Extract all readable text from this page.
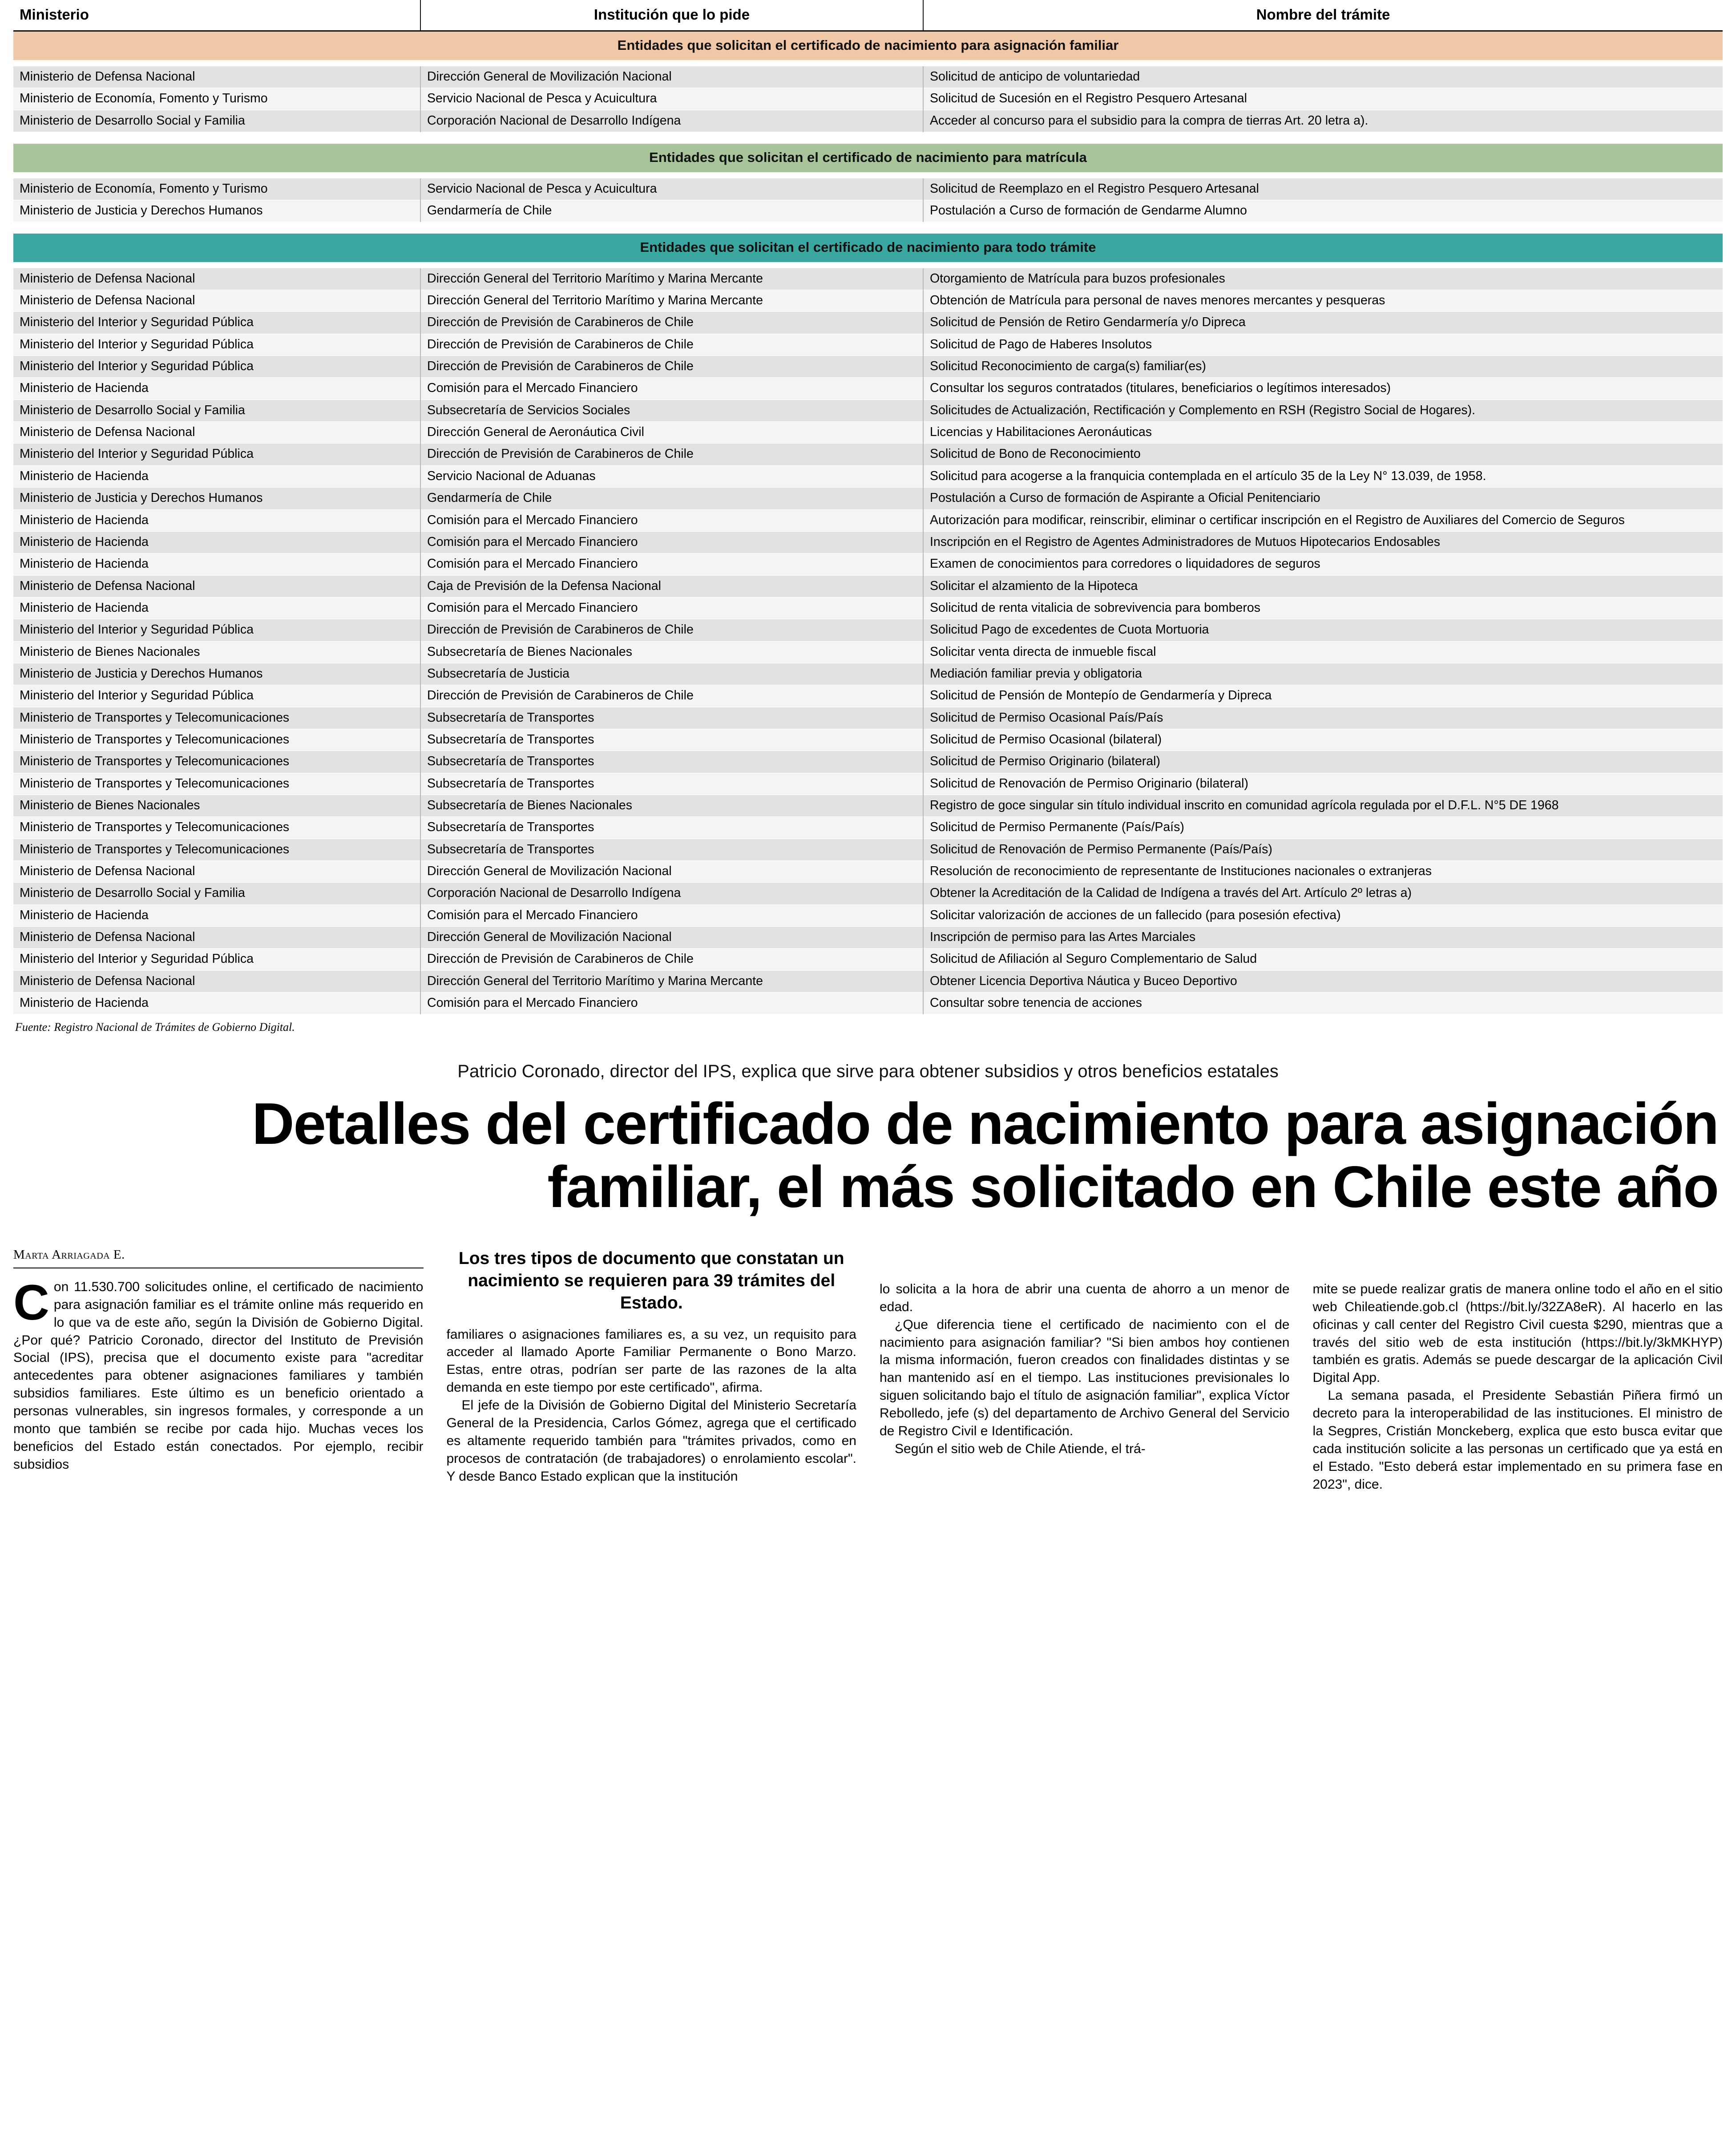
Ministerio	Institución que lo pide	Nombre del trámite
Entidades que solicitan el certificado de nacimiento para asignación familiar		

Ministerio de Defensa Nacional	Dirección General de Movilización Nacional	Solicitud de anticipo de voluntariedad
Ministerio de Economía, Fomento y Turismo	Servicio Nacional de Pesca y Acuicultura	Solicitud de Sucesión en el Registro Pesquero Artesanal
Ministerio de Desarrollo Social y Familia	Corporación Nacional de Desarrollo Indígena	Acceder al concurso para el subsidio para la compra de tierras Art. 20 letra a).

Entidades que solicitan el certificado de nacimiento para matrícula		

Ministerio de Economía, Fomento y Turismo	Servicio Nacional de Pesca y Acuicultura	Solicitud de Reemplazo en el Registro Pesquero Artesanal
Ministerio de Justicia y Derechos Humanos	Gendarmería de Chile	Postulación a Curso de formación de Gendarme Alumno

Entidades que solicitan el certificado de nacimiento para todo trámite		

Ministerio de Defensa Nacional	Dirección General del Territorio Marítimo y Marina Mercante	Otorgamiento de Matrícula para buzos profesionales
Ministerio de Defensa Nacional	Dirección General del Territorio Marítimo y Marina Mercante	Obtención de Matrícula para personal de naves menores mercantes y pesqueras
Ministerio del Interior y Seguridad Pública	Dirección de Previsión de Carabineros de Chile	Solicitud de Pensión de Retiro Gendarmería y/o Diprecа
Ministerio del Interior y Seguridad Pública	Dirección de Previsión de Carabineros de Chile	Solicitud de Pago de Haberes Insolutos
Ministerio del Interior y Seguridad Pública	Dirección de Previsión de Carabineros de Chile	Solicitud Reconocimiento de carga(s) familiar(es)
Ministerio de Hacienda	Comisión para el Mercado Financiero	Consultar los seguros contratados (titulares, beneficiarios o legítimos interesados)
Ministerio de Desarrollo Social y Familia	Subsecretaría de Servicios Sociales	Solicitudes de Actualización, Rectificación y Complemento en RSH (Registro Social de Hogares).
Ministerio de Defensa Nacional	Dirección General de Aeronáutica Civil	Licencias y Habilitaciones Aeronáuticas
Ministerio del Interior y Seguridad Pública	Dirección de Previsión de Carabineros de Chile	Solicitud de Bono de Reconocimiento
Ministerio de Hacienda	Servicio Nacional de Aduanas	Solicitud para acogerse a la franquicia contemplada en el artículo 35 de la Ley N° 13.039, de 1958.
Ministerio de Justicia y Derechos Humanos	Gendarmería de Chile	Postulación a Curso de formación de Aspirante a Oficial Penitenciario
Ministerio de Hacienda	Comisión para el Mercado Financiero	Autorización para modificar, reinscribir, eliminar o certificar inscripción en el Registro de Auxiliares del Comercio de Seguros
Ministerio de Hacienda	Comisión para el Mercado Financiero	Inscripción en el Registro de Agentes Administradores de Mutuos Hipotecarios Endosables
Ministerio de Hacienda	Comisión para el Mercado Financiero	Examen de conocimientos para corredores o liquidadores de seguros
Ministerio de Defensa Nacional	Caja de Previsión de la Defensa Nacional	Solicitar el alzamiento de la Hipoteca
Ministerio de Hacienda	Comisión para el Mercado Financiero	Solicitud de renta vitalicia de sobrevivencia para bomberos
Ministerio del Interior y Seguridad Pública	Dirección de Previsión de Carabineros de Chile	Solicitud Pago de excedentes de Cuota Mortuoria
Ministerio de Bienes Nacionales	Subsecretaría de Bienes Nacionales	Solicitar venta directa de inmueble fiscal
Ministerio de Justicia y Derechos Humanos	Subsecretaría de Justicia	Mediación familiar previa y obligatoria
Ministerio del Interior y Seguridad Pública	Dirección de Previsión de Carabineros de Chile	Solicitud de Pensión de Montepío de Gendarmería y Diprecа
Ministerio de Transportes y Telecomunicaciones	Subsecretaría de Transportes	Solicitud de Permiso Ocasional País/País
Ministerio de Transportes y Telecomunicaciones	Subsecretaría de Transportes	Solicitud de Permiso Ocasional (bilateral)
Ministerio de Transportes y Telecomunicaciones	Subsecretaría de Transportes	Solicitud de Permiso Originario (bilateral)
Ministerio de Transportes y Telecomunicaciones	Subsecretaría de Transportes	Solicitud de Renovación de Permiso Originario (bilateral)
Ministerio de Bienes Nacionales	Subsecretaría de Bienes Nacionales	Registro de goce singular sin título individual inscrito en comunidad agrícola regulada por el D.F.L. N°5 DE 1968
Ministerio de Transportes y Telecomunicaciones	Subsecretaría de Transportes	Solicitud de Permiso Permanente (País/País)
Ministerio de Transportes y Telecomunicaciones	Subsecretaría de Transportes	Solicitud de Renovación de Permiso Permanente (País/País)
Ministerio de Defensa Nacional	Dirección General de Movilización Nacional	Resolución de reconocimiento de representante de Instituciones nacionales o extranjeras
Ministerio de Desarrollo Social y Familia	Corporación Nacional de Desarrollo Indígena	Obtener la Acreditación de la Calidad de Indígena a través del Art. Artículo 2º letras a)
Ministerio de Hacienda	Comisión para el Mercado Financiero	Solicitar valorización de acciones de un fallecido (para posesión efectiva)
Ministerio de Defensa Nacional	Dirección General de Movilización Nacional	Inscripción de permiso para las Artes Marciales
Ministerio del Interior y Seguridad Pública	Dirección de Previsión de Carabineros de Chile	Solicitud de Afiliación al Seguro Complementario de Salud
Ministerio de Defensa Nacional	Dirección General del Territorio Marítimo y Marina Mercante	Obtener Licencia Deportiva Náutica y Buceo Deportivo
Ministerio de Hacienda	Comisión para el Mercado Financiero	Consultar sobre tenencia de acciones
Fuente: Registro Nacional de Trámites de Gobierno Digital.
Patricio Coronado, director del IPS, explica que sirve para obtener subsidios y otros beneficios estatales
Detalles del certificado de nacimiento para asignación familiar, el más solicitado en Chile este año
Marta Arriagada E.
C on 11.530.700 solicitudes online, el certificado de nacimiento para asignación familiar es el trámite online más requerido en lo que va de este año, según la División de Gobierno Digital. ¿Por qué? Patricio Coronado, director del Instituto de Previsión Social (IPS), precisa que el documento existe para "acreditar antecedentes para obtener asignaciones familiares y también subsidios familiares. Este último es un beneficio orientado a personas vulnerables, sin ingresos formales, y corresponde a un monto que también se recibe por cada hijo. Muchas veces los beneficios del Estado están conectados. Por ejemplo, recibir subsidios

Los tres tipos de documento que constatan un nacimiento se requieren para 39 trámites del Estado.

familiares o asignaciones familiares es, a su vez, un requisito para acceder al llamado Aporte Familiar Permanente o Bono Marzo. Estas, entre otras, podrían ser parte de las razones de la alta demanda en este tiempo por este certificado", afirma.

El jefe de la División de Gobierno Digital del Ministerio Secretaría General de la Presidencia, Carlos Gómez, agrega que el certificado es altamente requerido también para "trámites privados, como en procesos de contratación (de trabajadores) o enrolamiento escolar". Y desde Banco Estado explican que la institución

lo solicita a la hora de abrir una cuenta de ahorro a un menor de edad.

¿Que diferencia tiene el certificado de nacimiento con el de nacimiento para asignación familiar? "Si bien ambos hoy contienen la misma información, fueron creados con finalidades distintas y se han mantenido así en el tiempo. Las instituciones previsionales lo siguen solicitando bajo el título de asignación familiar", explica Víctor Rebolledo, jefe (s) del departamento de Archivo General del Servicio de Registro Civil e Identificación.

Según el sitio web de Chile Atiende, el trá-

mite se puede realizar gratis de manera online todo el año en el sitio web Chileatiende.gob.cl (https://bit.ly/32ZA8eR). Al hacerlo en las oficinas y call center del Registro Civil cuesta $290, mientras que a través del sitio web de esta institución (https://bit.ly/3kMKHYP) también es gratis. Además se puede descargar de la aplicación Civil Digital App.

La semana pasada, el Presidente Sebastián Piñera firmó un decreto para la interoperabilidad de las instituciones. El ministro de la Segpres, Cristián Monckeberg, explica que esto busca evitar que cada institución solicite a las personas un certificado que ya está en el Estado. "Esto deberá estar implementado en su primera fase en 2023", dice.
